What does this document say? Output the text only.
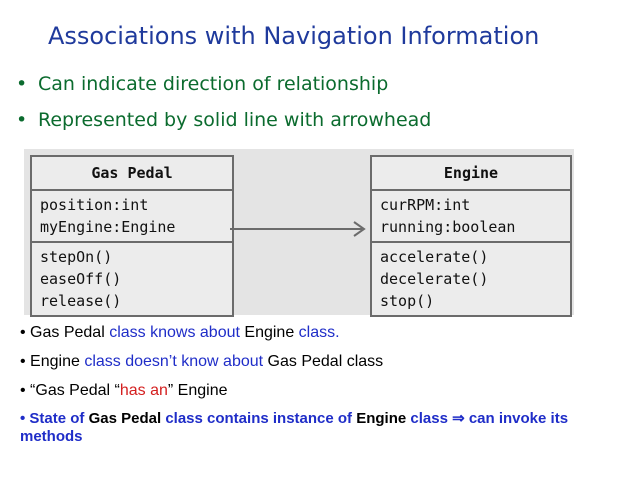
Associations with Navigation Information
• Can indicate direction of relationship
• Represented by solid line with arrowhead
Gas Pedal
position:int
myEngine:Engine
stepOn()
easeOff()
release()
Engine
curRPM:int
running:boolean
accelerate()
decelerate()
stop()
• Gas Pedal class knows about Engine class.
• Engine class doesn’t know about Gas Pedal class
• “Gas Pedal “has an” Engine
• State of Gas Pedal class contains instance of Engine class ⇒ can invoke its methods
